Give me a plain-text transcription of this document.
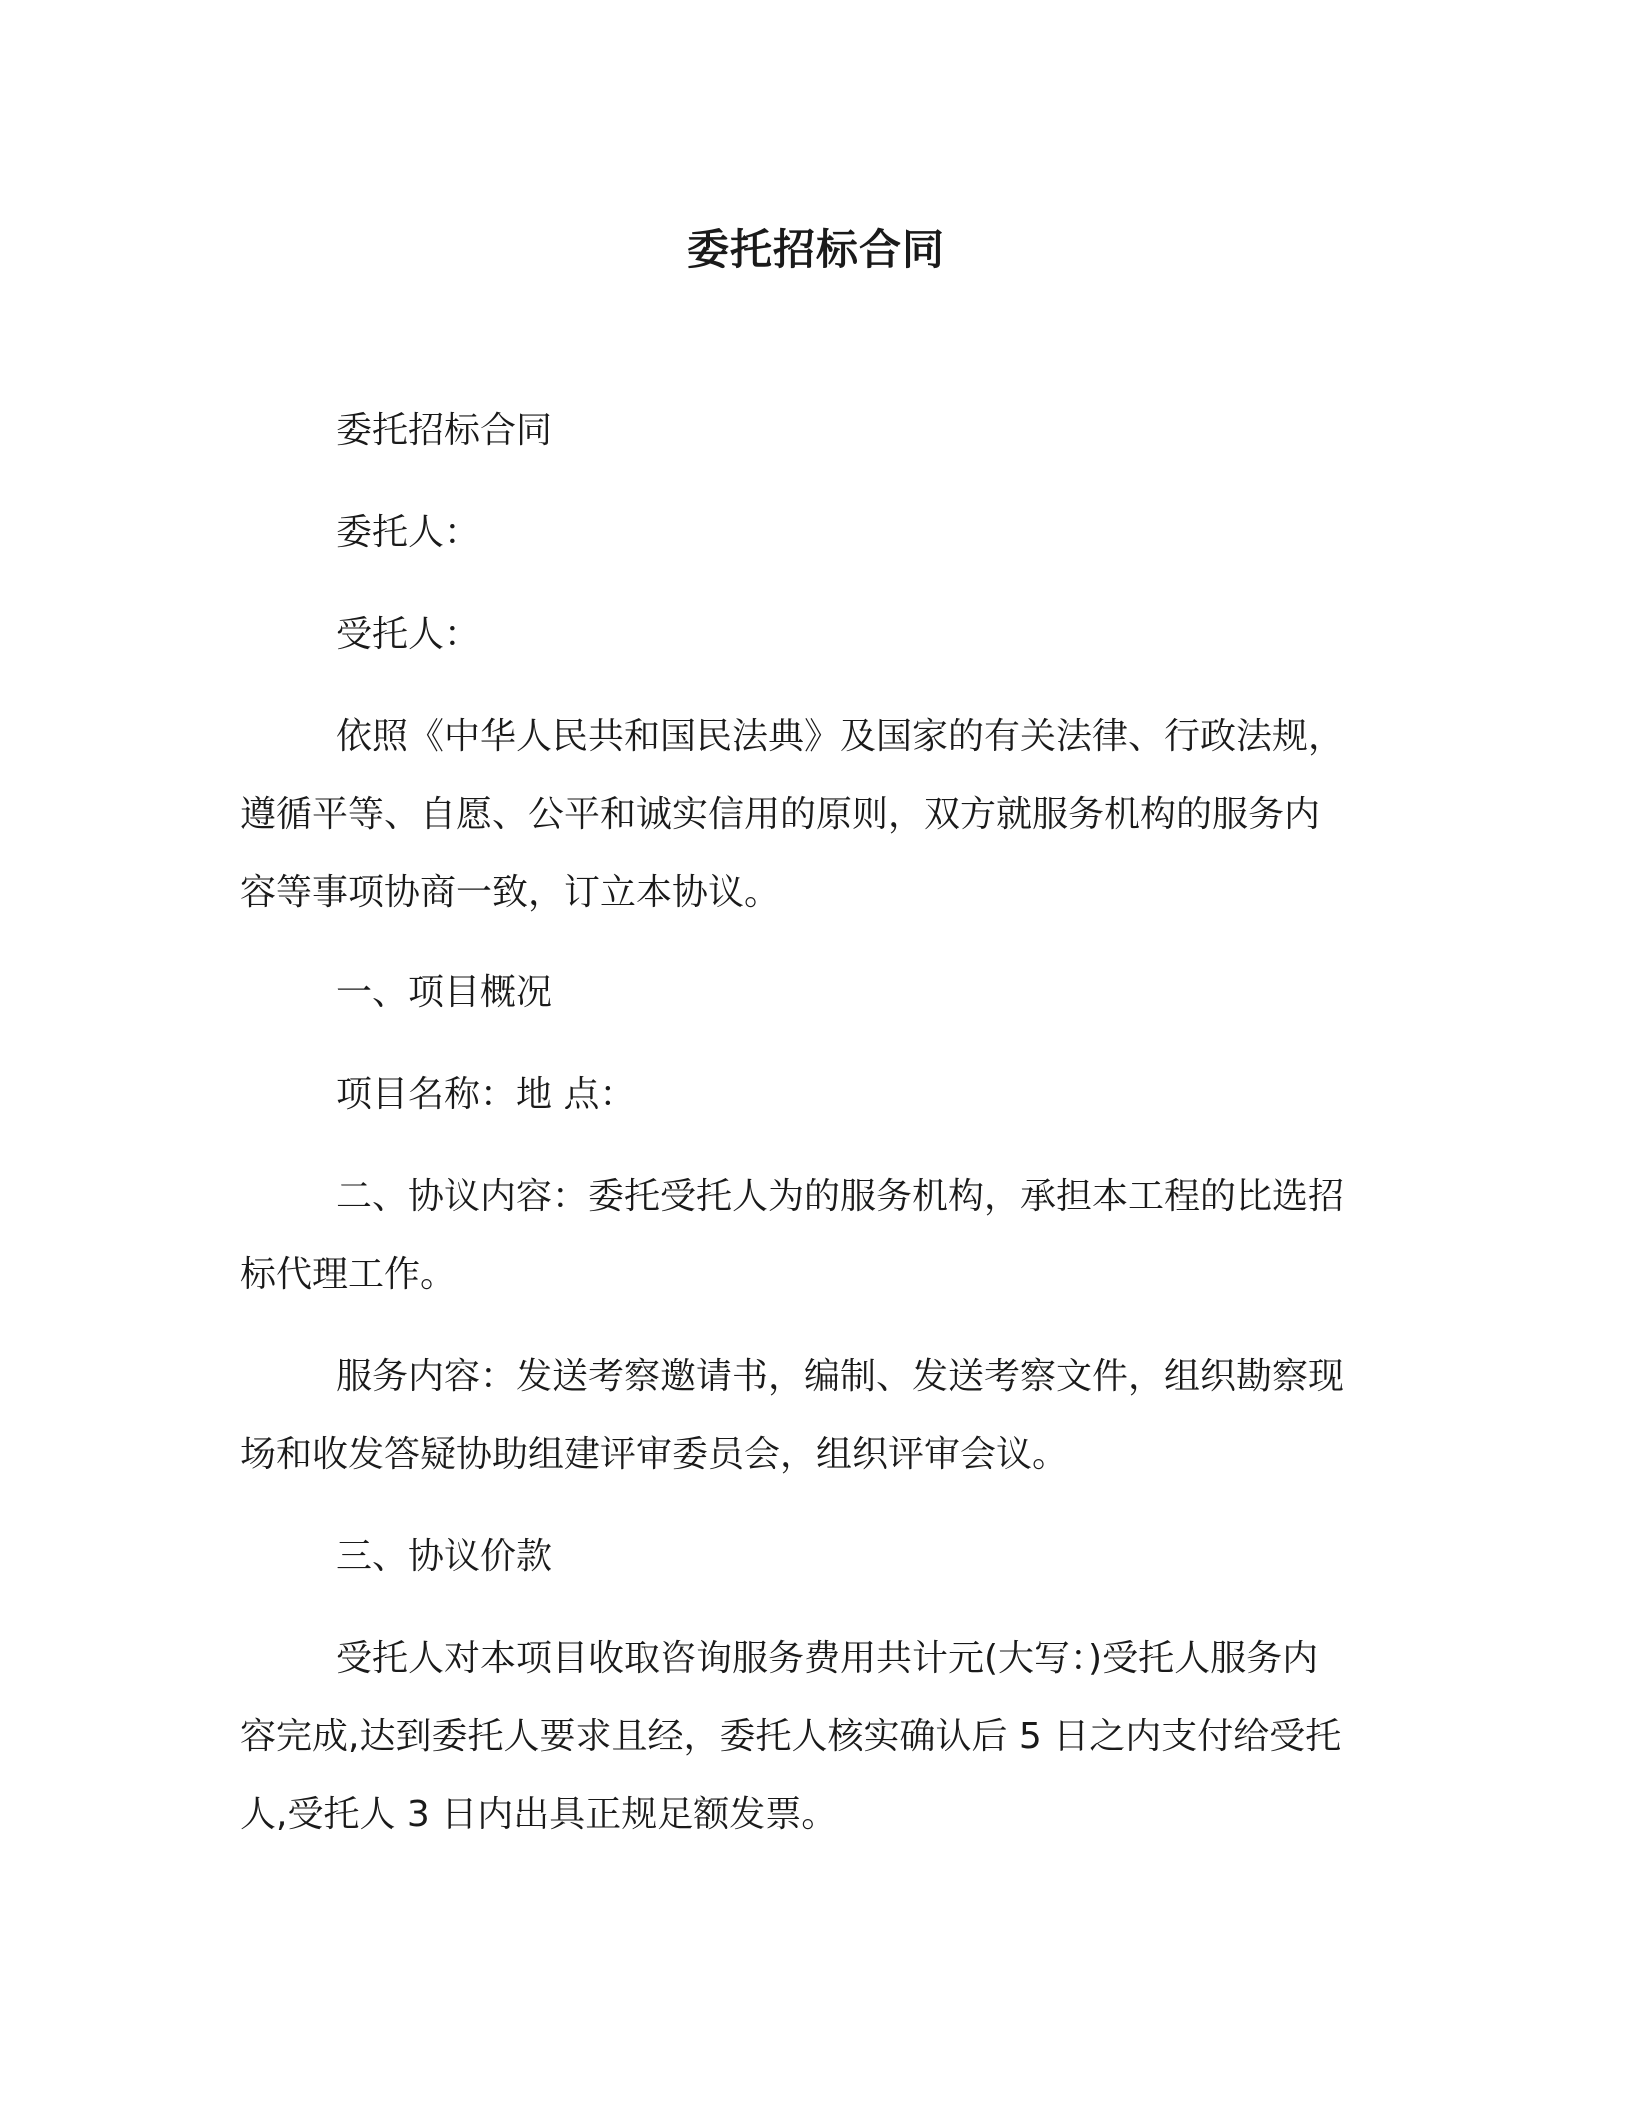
委托招标合同

委托招标合同

委托人：

受托人：

依照《中华人民共和国民法典》及国家的有关法律、行政法规，
遵循平等、自愿、公平和诚实信用的原则，双方就服务机构的服务内
容等事项协商一致，订立本协议。

一、项目概况

项目名称：地 点：

二、协议内容：委托受托人为的服务机构，承担本工程的比选招
标代理工作。
服务内容：发送考察邀请书，编制、发送考察文件，组织勘察现
场和收发答疑协助组建评审委员会，组织评审会议。

三、协议价款

受托人对本项目收取咨询服务费用共计元(大写：)受托人服务内
容完成,达到委托人要求且经，委托人核实确认后 5 日之内支付给受托
人,受托人 3 日内出具正规足额发票。
